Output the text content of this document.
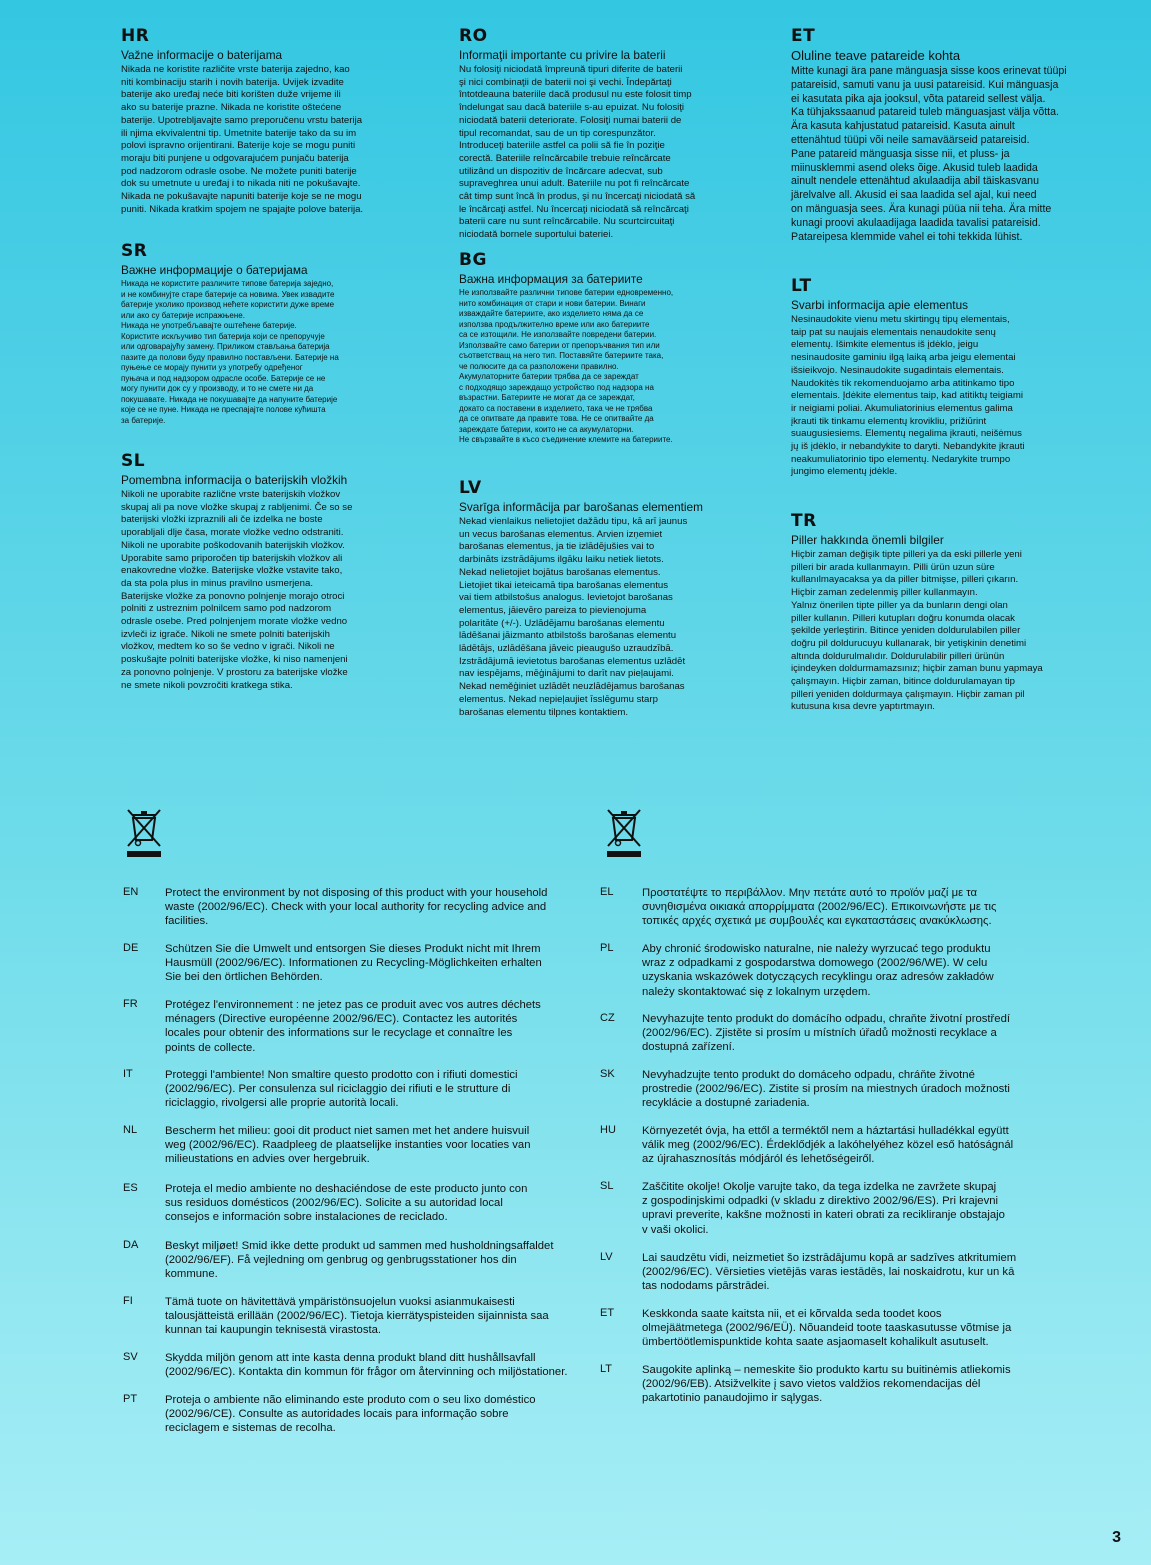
HR
Važne informacije o baterijama
Nikada ne koristite različite vrste baterija zajedno, kao
niti kombinaciju starih i novih baterija. Uvijek izvadite
baterije ako uređaj neće biti korišten duže vrijeme ili
ako su baterije prazne. Nikada ne koristite oštećene
baterije. Upotrebljavajte samo preporučenu vrstu baterija
ili njima ekvivalentni tip. Umetnite baterije tako da su im
polovi ispravno orijentirani. Baterije koje se mogu puniti
moraju biti punjene u odgovarajućem punjaču baterija
pod nadzorom odrasle osobe. Ne možete puniti baterije
dok su umetnute u uređaj i to nikada niti ne pokušavajte.
Nikada ne pokušavajte napuniti baterije koje se ne mogu
puniti. Nikada kratkim spojem ne spajajte polove baterija.
SR
Важне информације о батеријама
Никада не користите различите типове батерија заједно,
и не комбинујте старе батерије са новима. Увек извадите
батерије уколико производ нећете користити дуже време
или ако су батерије испражњене.
Никада не употребљавајте оштећене батерије.
Користите искључиво тип батерија који се препоручује
или одговарајућу замену. Приликом стављања батерија
пазите да полови буду правилно постављени. Батерије на
пуњење се морају пунити уз употребу одређеног
пуњача и под надзором одрасле особе. Батерије се не
могу пунити док су у производу, и то не смете ни да
покушавате. Никада не покушавајте да напуните батерије
које се не пуне. Никада не преспајајте полове кућишта
за батерије.
SL
Pomembna informacija o baterijskih vložkih
Nikoli ne uporabite različne vrste baterijskih vložkov
skupaj ali pa nove vložke skupaj z rabljenimi. Če so se
baterijski vložki izpraznili ali če izdelka ne boste
uporabljali dlje časa, morate vložke vedno odstraniti.
Nikoli ne uporabite poškodovanih baterijskih vložkov.
Uporabite samo priporočen tip baterijskih vložkov ali
enakovredne vložke. Baterijske vložke vstavite tako,
da sta pola plus in minus pravilno usmerjena.
Baterijske vložke za ponovno polnjenje morajo otroci
polniti z ustreznim polnilcem samo pod nadzorom
odrasle osebe. Pred polnjenjem morate vložke vedno
izvleči iz igrače. Nikoli ne smete polniti baterijskih
vložkov, medtem ko so še vedno v igrači. Nikoli ne
poskušajte polniti baterijske vložke, ki niso namenjeni
za ponovno polnjenje. V prostoru za baterijske vložke
ne smete nikoli povzročiti kratkega stika.
RO
Informaţii importante cu privire la baterii
Nu folosiţi niciodată împreună tipuri diferite de baterii
şi nici combinaţii de baterii noi şi vechi. Îndepărtaţi
întotdeauna bateriile dacă produsul nu este folosit timp
îndelungat sau dacă bateriile s-au epuizat. Nu folosiţi
niciodată baterii deteriorate. Folosiţi numai baterii de
tipul recomandat, sau de un tip corespunzător.
Introduceţi bateriile astfel ca polii să fie în poziţie
corectă. Bateriile reîncărcabile trebuie reîncărcate
utilizând un dispozitiv de încărcare adecvat, sub
supraveghrea unui adult. Bateriile nu pot fi reîncărcate
cât timp sunt încă în produs, şi nu încercaţi niciodată să
le încărcaţi astfel. Nu încercaţi niciodată să reîncărcaţi
baterii care nu sunt reîncărcabile. Nu scurtcircuitaţi
niciodată bornele suportului bateriei.
BG
Важна информация за батериите
Не използвайте различни типове батерии едновременно,
нито комбинация от стари и нови батерии. Винаги
изваждайте батериите, ако изделието няма да се
използва продължително време или ако батериите
са се изтощили. Не използвайте повредени батерии.
Използвайте само батерии от препоръчвания тип или
съответстващ на него тип. Поставяйте батериите така,
че полюсите да са разположени правилно.
Акумулаторните батерии трябва да се зареждат
с подходящо зареждащо устройство под надзора на
възрастни. Батериите не могат да се зареждат,
докато са поставени в изделието, така че не трябва
да се опитвате да правите това. Не се опитвайте да
зареждате батерии, които не са акумулаторни.
Не свързвайте в късо съединение клемите на батериите.
LV
Svarīga informācija par barošanas elementiem
Nekad vienlaikus nelietojiet dažādu tipu, kā arī jaunus
un vecus barošanas elementus. Arvien izņemiet
barošanas elementus, ja tie izlādējušies vai to
darbināts izstrādājums ilgāku laiku netiek lietots.
Nekad nelietojiet bojātus barošanas elementus.
Lietojiet tikai ieteicamā tipa barošanas elementus
vai tiem atbilstošus analogus. Ievietojot barošanas
elementus, jāievēro pareiza to pievienojuma
polaritāte (+/-). Uzlādējamu barošanas elementu
lādēšanai jāizmanto atbilstošs barošanas elementu
lādētājs, uzlādēšana jāveic pieaugušo uzraudzībā.
Izstrādājumā ievietotus barošanas elementus uzlādēt
nav iespējams, mēģinājumi to darīt nav pieļaujami.
Nekad neměģiniet uzlādēt neuzlādējamus barošanas
elementus. Nekad nepieļaujiet īsslēgumu starp
barošanas elementu tilpnes kontaktiem.
ET
Oluline teave patareide kohta
Mitte kunagi ära pane mänguasja sisse koos erinevat tüüpi
patareisid, samuti vanu ja uusi patareisid. Kui mänguasja
ei kasutata pika aja jooksul, võta patareid sellest välja.
Ka tühjakssaanud patareid tuleb mänguasjast välja võtta.
Ära kasuta kahjustatud patareisid. Kasuta ainult
ettenähtud tüüpi või neile samaväärseid patareisid.
Pane patareid mänguasja sisse nii, et pluss- ja
miinusklemmi asend oleks õige. Akusid tuleb laadida
ainult nendele ettenähtud akulaadija abil täiskasvanu
järelvalve all. Akusid ei saa laadida sel ajal, kui need
on mänguasja sees. Ära kunagi püüa nii teha. Ära mitte
kunagi proovi akulaadijaga laadida tavalisi patareisid.
Patareipesa klemmide vahel ei tohi tekkida lühist.
LT
Svarbi informacija apie elementus
Nesinaudokite vienu metu skirtingų tipų elementais,
taip pat su naujais elementais nenaudokite senų
elementų. Išimkite elementus iš įdėklo, jeigu
nesinaudosite gaminiu ilgą laiką arba jeigu elementai
išsieikvojo. Nesinaudokite sugadintais elementais.
Naudokitės tik rekomenduojamo arba atitinkamo tipo
elementais. Įdėkite elementus taip, kad atitiktų teigiami
ir neigiami poliai. Akumuliatorinius elementus galima
įkrauti tik tinkamu elementų krovikliu, prižiūrint
suaugusiesiems. Elementų negalima įkrauti, neišėmus
jų iš įdėklo, ir nebandykite to daryti. Nebandykite įkrauti
neakumuliatorinio tipo elementų. Nedarykite trumpo
jungimo elementų įdėkle.
TR
Piller hakkında önemli bilgiler
Hiçbir zaman değişik tipte pilleri ya da eski pillerle yeni
pilleri bir arada kullanmayın. Pilli ürün uzun süre
kullanılmayacaksa ya da piller bitmişse, pilleri çıkarın.
Hiçbir zaman zedelenmiş piller kullanmayın.
Yalnız önerilen tipte piller ya da bunların dengi olan
piller kullanın. Pilleri kutupları doğru konumda olacak
şekilde yerleştirin. Bitince yeniden doldurulabilen piller
doğru pil doldurucuyu kullanarak, bir yetişkinin denetimi
altında doldurulmalıdır. Doldurulabilir pilleri ürünün
içindeyken doldurmamazsınız; hiçbir zaman bunu yapmaya
çalışmayın. Hiçbir zaman, bitince doldurulamayan tip
pilleri yeniden doldurmaya çalışmayın. Hiçbir zaman pil
kutusuna kısa devre yaptırtmayın.
EN	Protect the environment by not disposing of this product with your household
waste (2002/96/EC). Check with your local authority for recycling advice and
facilities.
DE	Schützen Sie die Umwelt und entsorgen Sie dieses Produkt nicht mit Ihrem
Hausmüll (2002/96/EC). Informationen zu Recycling-Möglichkeiten erhalten
Sie bei den örtlichen Behörden.
FR	Protégez l'environnement : ne jetez pas ce produit avec vos autres déchets
ménagers (Directive européenne 2002/96/EC). Contactez les autorités
locales pour obtenir des informations sur le recyclage et connaître les
points de collecte.
IT	Proteggi l'ambiente! Non smaltire questo prodotto con i rifiuti domestici
(2002/96/EC). Per consulenza sul riciclaggio dei rifiuti e le strutture di
riciclaggio, rivolgersi alle proprie autorità locali.
NL	Bescherm het milieu: gooi dit product niet samen met het andere huisvuil
weg (2002/96/EC). Raadpleeg de plaatselijke instanties voor locaties van
milieustations en advies over hergebruik.
ES	Proteja el medio ambiente no deshaciéndose de este producto junto con
sus residuos domésticos (2002/96/EC). Solicite a su autoridad local
consejos e información sobre instalaciones de reciclado.
DA	Beskyt miljøet! Smid ikke dette produkt ud sammen med husholdningsaffaldet
(2002/96/EF). Få vejledning om genbrug og genbrugsstationer hos din
kommune.
FI	Tämä tuote on hävitettävä ympäristönsuojelun vuoksi asianmukaisesti
talousjätteistä erillään (2002/96/EC). Tietoja kierrätyspisteiden sijainnista saa
kunnan tai kaupungin teknisestä virastosta.
SV	Skydda miljön genom att inte kasta denna produkt bland ditt hushållsavfall
(2002/96/EC). Kontakta din kommun för frågor om återvinning och miljöstationer.
PT	Proteja o ambiente não eliminando este produto com o seu lixo doméstico
(2002/96/CE). Consulte as autoridades locais para informação sobre
reciclagem e sistemas de recolha.
EL	Προστατέψτε το περιβάλλον. Μην πετάτε αυτό το προϊόν μαζί με τα
συνηθισμένα οικιακά απορρίμματα (2002/96/EC). Επικοινωνήστε με τις
τοπικές αρχές σχετικά με συμβουλές και εγκαταστάσεις ανακύκλωσης.
PL	Aby chronić środowisko naturalne, nie należy wyrzucać tego produktu
wraz z odpadkami z gospodarstwa domowego (2002/96/WE). W celu
uzyskania wskazówek dotyczących recyklingu oraz adresów zakładów
należy skontaktować się z lokalnym urzędem.
CZ	Nevyhazujte tento produkt do domácího odpadu, chraňte životní prostředí
(2002/96/EC). Zjistěte si prosím u místních úřadů možnosti recyklace a
dostupná zařízení.
SK	Nevyhadzujte tento produkt do domáceho odpadu, chráňte životné
prostredie (2002/96/EC). Zistite si prosím na miestnych úradoch možnosti
recyklácie a dostupné zariadenia.
HU	Környezetét óvja, ha ettől a terméktől nem a háztartási hulladékkal együtt
válik meg (2002/96/EC). Érdeklődjék a lakóhelyéhez közel eső hatóságnál
az újrahasznosítás módjáról és lehetőségeiről.
SL	Zaščitite okolje! Okolje varujte tako, da tega izdelka ne zavržete skupaj
z gospodinjskimi odpadki (v skladu z direktivo 2002/96/ES). Pri krajevni
upravi preverite, kakšne možnosti in kateri obrati za recikliranje obstajajo
v vaši okolici.
LV	Lai saudzētu vidi, neizmetiet šo izstrādājumu kopā ar sadzīves atkritumiem
(2002/96/EC). Vērsieties vietējās varas iestādēs, lai noskaidrotu, kur un kā
tas nododams pārstrādei.
ET	Keskkonda saate kaitsta nii, et ei kõrvalda seda toodet koos
olmejäätmetega (2002/96/EÜ). Nõuandeid toote taaskasutusse võtmise ja
ümbertöötlemispunktide kohta saate asjaomaselt kohalikult asutuselt.
LT	Saugokite aplinką – nemeskite šio produkto kartu su buitinėmis atliekomis
(2002/96/EB). Atsižvelkite į savo vietos valdžios rekomendacijas dėl
pakartotinio panaudojimo ir sąlygas.
3
